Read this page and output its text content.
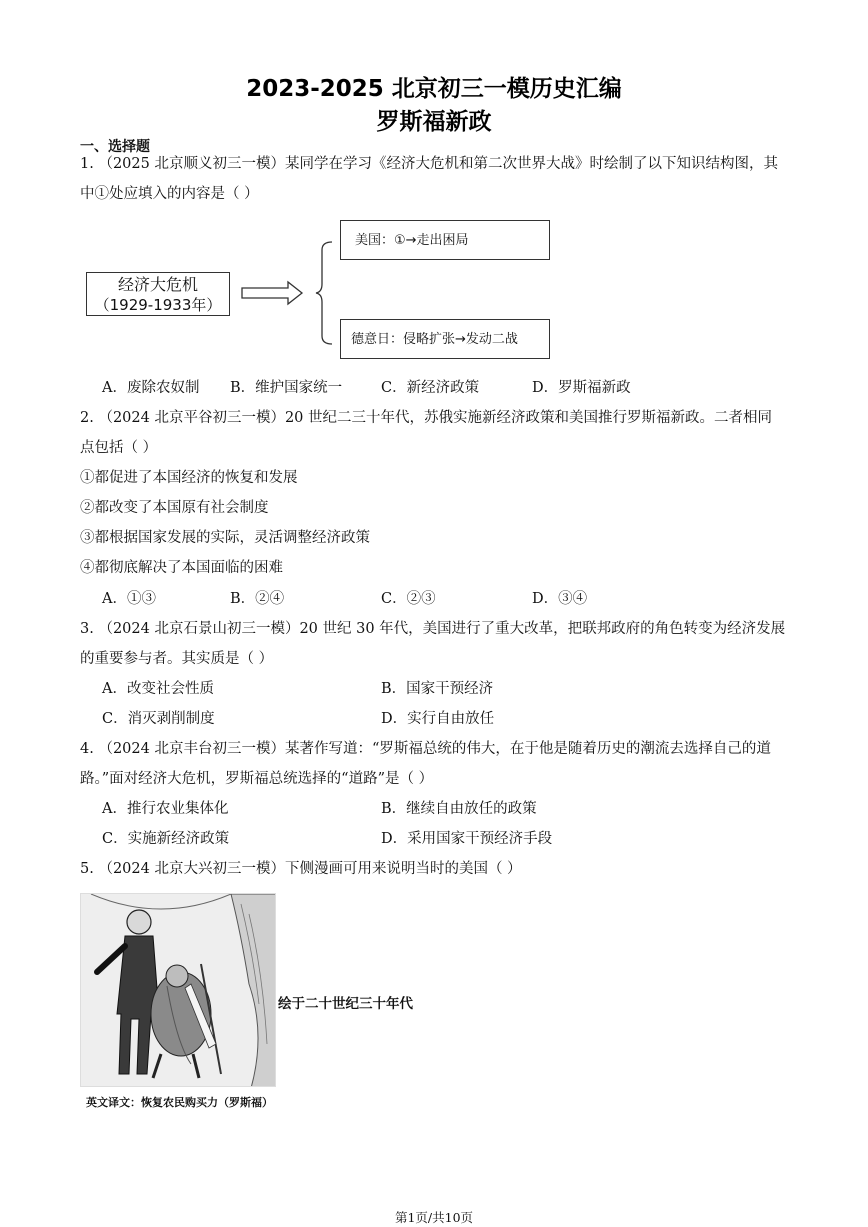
2023-2025 北京初三一模历史汇编
罗斯福新政
一、选择题
1. （2025 北京顺义初三一模）某同学在学习《经济大危机和第二次世界大战》时绘制了以下知识结构图，其
中①处应填入的内容是（ ）
经济大危机
（1929-1933年）
美国：①→走出困局
德意日：侵略扩张→发动二战
A．废除农奴制 B．维护国家统一	C．新经济政策	D．罗斯福新政
2. （2024 北京平谷初三一模）20 世纪二三十年代，苏俄实施新经济政策和美国推行罗斯福新政。二者相同
点包括（ ）
①都促进了本国经济的恢复和发展
②都改变了本国原有社会制度
③都根据国家发展的实际，灵活调整经济政策
④都彻底解决了本国面临的困难
A．①③	B．②④	C．②③	D．③④
3. （2024 北京石景山初三一模）20 世纪 30 年代，美国进行了重大改革，把联邦政府的角色转变为经济发展
的重要参与者。其实质是（ ）
A．改变社会性质	B．国家干预经济
C．消灭剥削制度	D．实行自由放任
4. （2024 北京丰台初三一模）某著作写道：“罗斯福总统的伟大，在于他是随着历史的潮流去选择自己的道
路。”面对经济大危机，罗斯福总统选择的“道路”是（ ）
A．推行农业集体化	B．继续自由放任的政策
C．实施新经济政策	D．采用国家干预经济手段
5. （2024 北京大兴初三一模）下侧漫画可用来说明当时的美国（ ）
绘于二十世纪三十年代
英文译文：恢复农民购买力（罗斯福）
第1页/共10页
